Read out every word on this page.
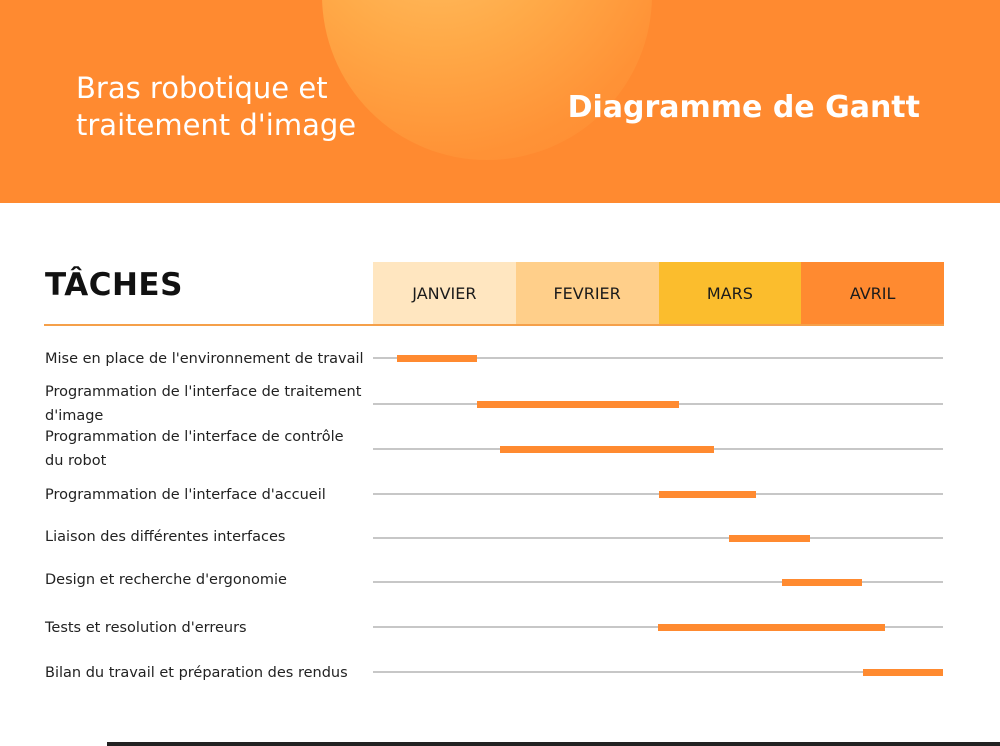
Bras robotique et traitement d'image	Diagramme de Gantt
TÂCHES	JANVIER	FEVRIER	MARS	AVRIL
Mise en place de l'environnement de travail
Programmation de l'interface de traitement d'image
Programmation de l'interface de contrôle du robot
Programmation de l'interface d'accueil
Liaison des différentes interfaces
Design et recherche d'ergonomie
Tests et resolution d'erreurs
Bilan du travail et préparation des rendus
